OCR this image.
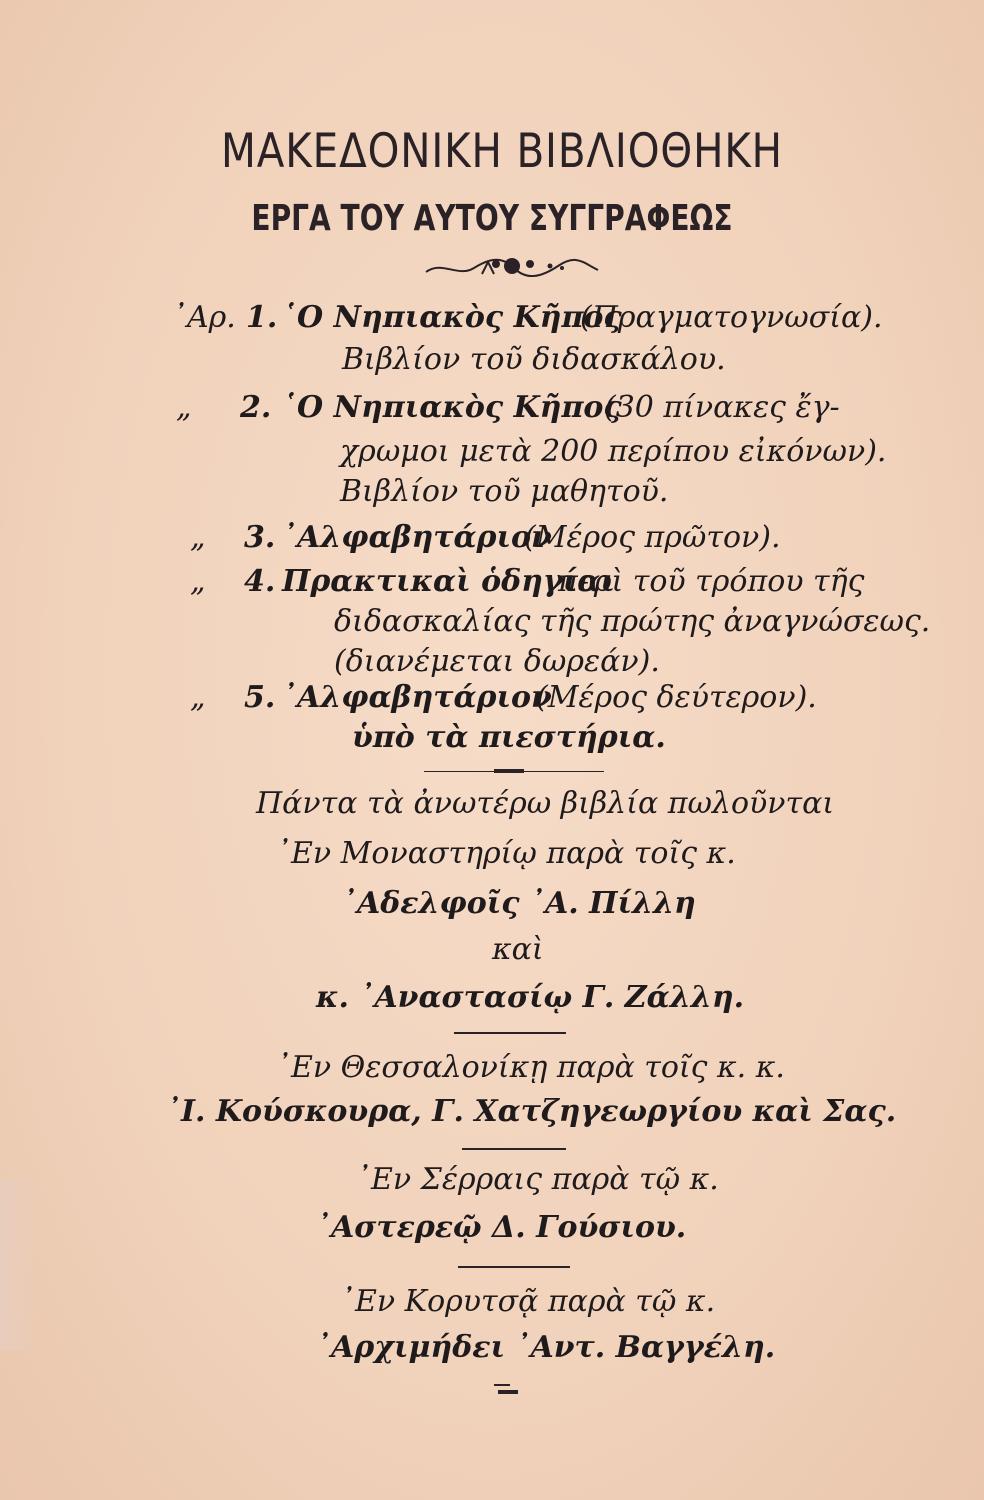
ΜΑΚΕΔΟΝΙΚΗ ΒΙΒΛΙΟΘΗΚΗ
ΕΡΓΑ ΤΟΥ ΑΥΤΟΥ ΣΥΓΓΡΑΦΕΩΣ
᾿Αρ. 1. ῾Ο Νηπιακὸς Κῆπος
(Πραγματογνωσία).
Βιβλίον τοῦ διδασκάλου.
„ 2. ῾Ο Νηπιακὸς Κῆπος
(30 πίνακες ἔγ-
χρωμοι μετὰ 200 περίπου εἰκόνων).
Βιβλίον τοῦ μαθητοῦ.
„ 3. ᾿Αλφαβητάριον
(Μέρος πρῶτον).
„ 4. Πρακτικαὶ ὁδηγίαι
περὶ τοῦ τρόπου τῆς
διδασκαλίας τῆς πρώτης ἀναγνώσεως.
(διανέμεται δωρεάν).
„ 5. ᾿Αλφαβητάριον
(Μέρος δεύτερον).
ὑπὸ τὰ πιεστήρια.
Πάντα τὰ ἀνωτέρω βιβλία πωλοῦνται
᾿Εν Μοναστηρίῳ παρὰ τοῖς κ.
᾿Αδελφοῖς ᾿Α. Πίλλη
καὶ
κ. ᾿Αναστασίῳ Γ. Ζάλλη.
᾿Εν Θεσσαλονίκῃ παρὰ τοῖς κ. κ.
᾿Ι. Κούσκουρα, Γ. Χατζηγεωργίου καὶ Σας.
᾿Εν Σέρραις παρὰ τῷ κ.
᾿Αστερεῷ Δ. Γούσιου.
᾿Εν Κορυτσᾷ παρὰ τῷ κ.
᾿Αρχιμήδει ᾿Αντ. Βαγγέλη.
